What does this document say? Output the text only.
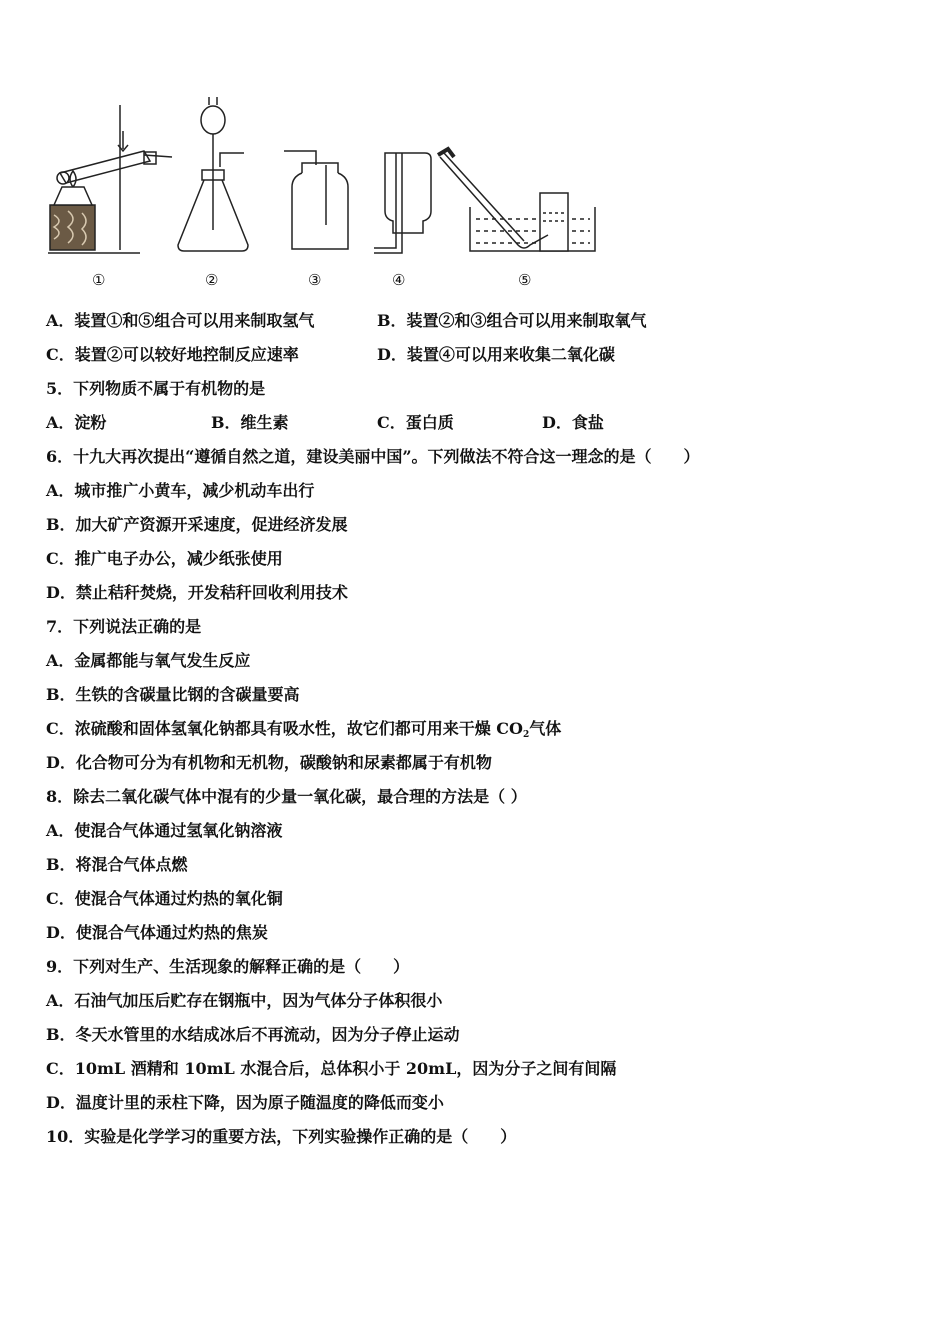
①	②	③	④	⑤
A．装置①和⑤组合可以用来制取氢气	B．装置②和③组合可以用来制取氧气
C．装置②可以较好地控制反应速率	D．装置④可以用来收集二氧化碳
5．下列物质不属于有机物的是
A．淀粉	B．维生素	C．蛋白质	D．食盐
6．十九大再次提出“遵循自然之道，建设美丽中国”。下列做法不符合这一理念的是（　　）
A．城市推广小黄车，减少机动车出行
B．加大矿产资源开采速度，促进经济发展
C．推广电子办公，减少纸张使用
D．禁止秸秆焚烧，开发秸秆回收利用技术
7．下列说法正确的是
A．金属都能与氧气发生反应
B．生铁的含碳量比钢的含碳量要高
C．浓硫酸和固体氢氧化钠都具有吸水性，故它们都可用来干燥 $CO_2$气体
D．化合物可分为有机物和无机物，碳酸钠和尿素都属于有机物
8．除去二氧化碳气体中混有的少量一氧化碳，最合理的方法是（ ）
A．使混合气体通过氢氧化钠溶液
B．将混合气体点燃
C．使混合气体通过灼热的氧化铜
D．使混合气体通过灼热的焦炭
9．下列对生产、生活现象的解释正确的是（　　）
A．石油气加压后贮存在钢瓶中，因为气体分子体积很小
B．冬天水管里的水结成冰后不再流动，因为分子停止运动
C．10mL 酒精和 10mL 水混合后，总体积小于 20mL，因为分子之间有间隔
D．温度计里的汞柱下降，因为原子随温度的降低而变小
10．实验是化学学习的重要方法，下列实验操作正确的是（　　）
